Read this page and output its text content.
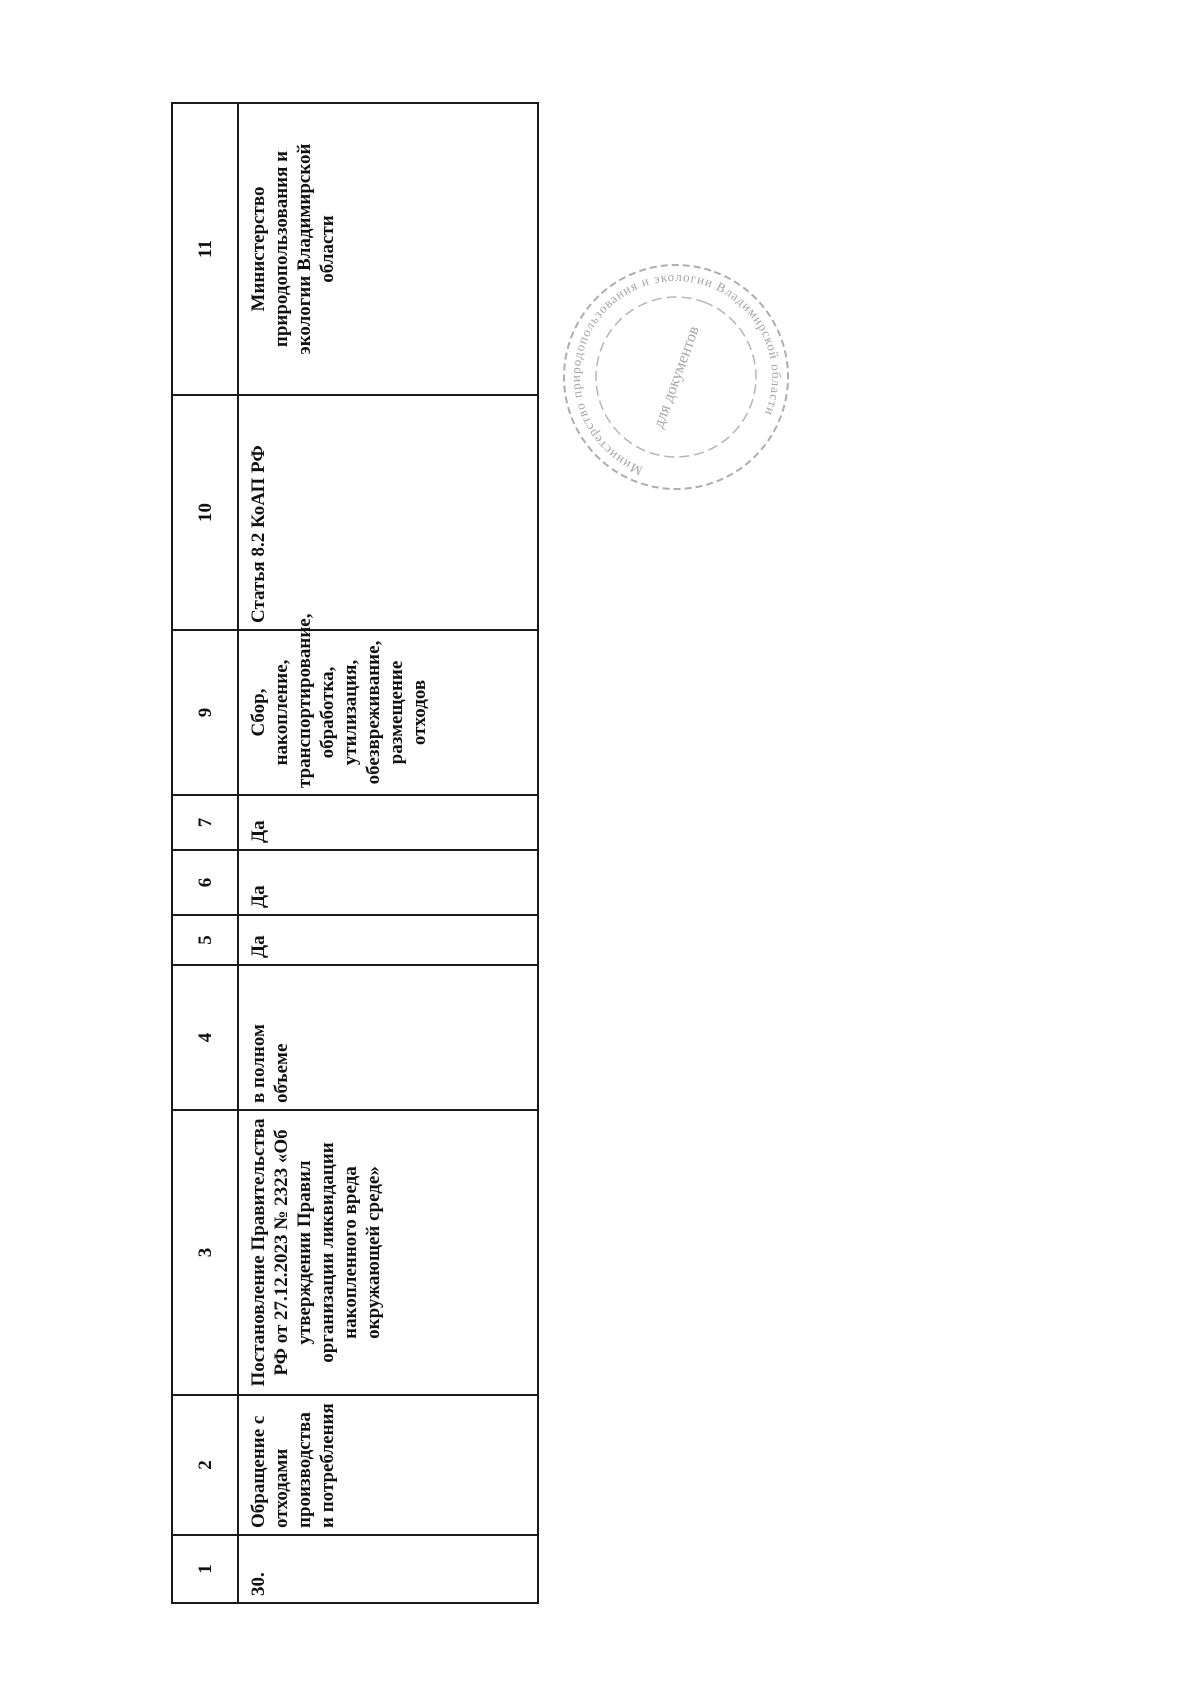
1	2	3	4	5	6	7	9	10	11
30.	Обращение с отходами производства и потребления	Постановление Правительства РФ от 27.12.2023 № 2323 «Об утверждении Правил организации ликвидации накопленного вреда окружающей среде»	в полном объеме	Да	Да	Да	Сбор, накопление, транспортирование, обработка, утилизация, обезвреживание, размещение отходов	Статья 8.2 КоАП РФ	Министерство природопользования и экологии Владимирской области
Министерство природопользования и экологии Владимирской области
для документов
